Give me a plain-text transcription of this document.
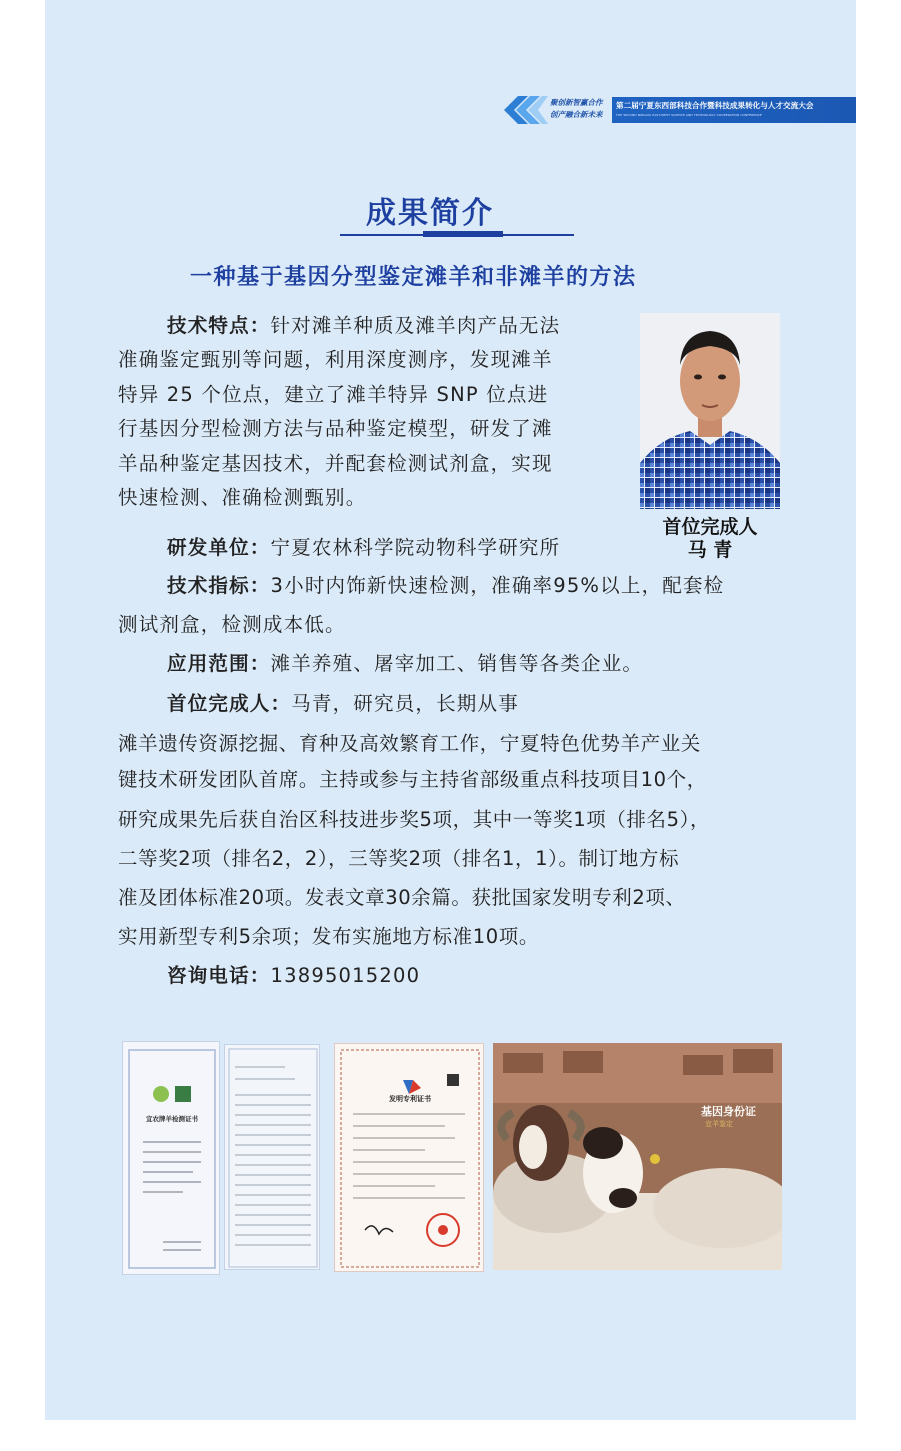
聚创新智赢合作
创产融合新未来
第二届宁夏东西部科技合作暨科技成果转化与人才交流大会
THE SECOND NINGXIA EAST-WEST SCIENCE AND TECHNOLOGY COOPERATION CONFERENCE
成果简介
一种基于基因分型鉴定滩羊和非滩羊的方法
技术特点：针对滩羊种质及滩羊肉产品无法
准确鉴定甄别等问题，利用深度测序，发现滩羊
特异 25 个位点，建立了滩羊特异 SNP 位点进
行基因分型检测方法与品种鉴定模型，研发了滩
羊品种鉴定基因技术，并配套检测试剂盒，实现
快速检测、准确检测甄别。
研发单位：宁夏农林科学院动物科学研究所
技术指标：3小时内饰新快速检测，准确率95%以上，配套检
测试剂盒，检测成本低。
应用范围：滩羊养殖、屠宰加工、销售等各类企业。
首位完成人：马青，研究员，长期从事
滩羊遗传资源挖掘、育种及高效繁育工作，宁夏特色优势羊产业关
键技术研发团队首席。主持或参与主持省部级重点科技项目10个，
研究成果先后获自治区科技进步奖5项，其中一等奖1项（排名5），
二等奖2项（排名2，2），三等奖2项（排名1，1）。制订地方标
准及团体标准20项。发表文章30余篇。获批国家发明专利2项、
实用新型专利5余项；发布实施地方标准10项。
咨询电话：13895015200
首位完成人
马 青
宜农牌羊检测证书
发明专利证书
基因身份证
宜羊鉴定
